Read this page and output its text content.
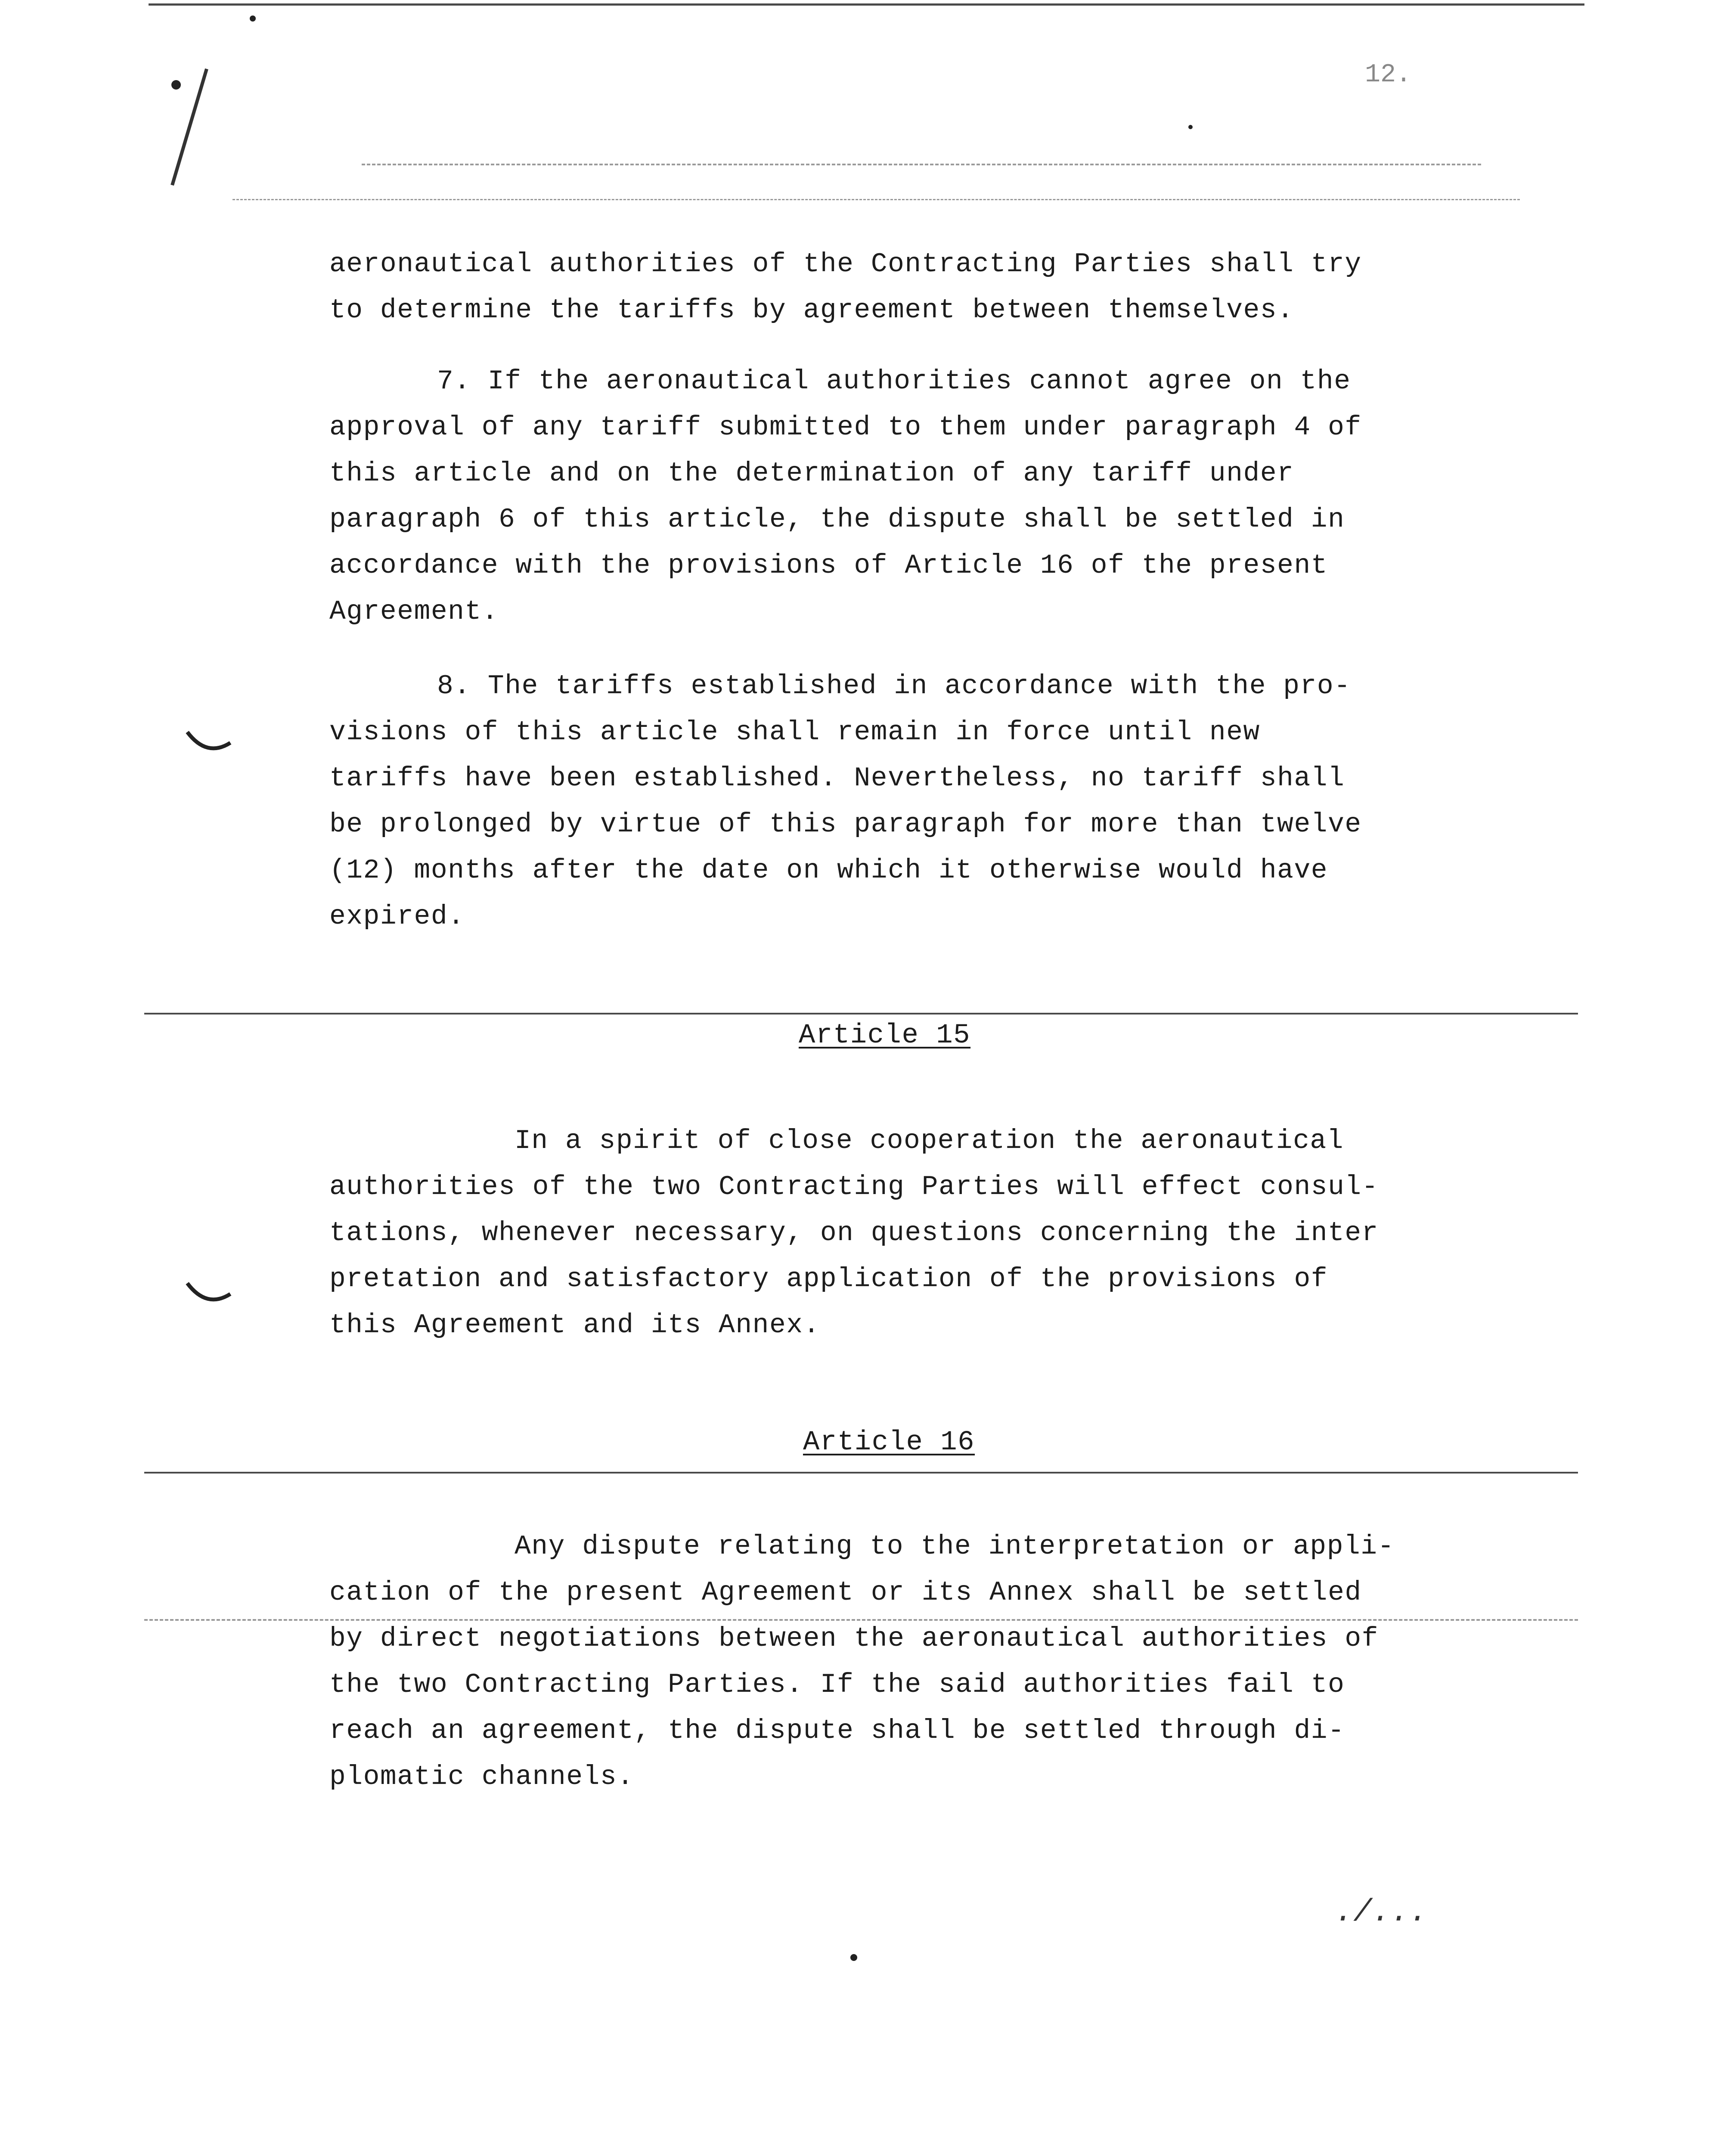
12.
aeronautical authorities of the Contracting Parties shall try
to determine the tariffs by agreement between themselves.
7. If the aeronautical authorities cannot agree on the
approval of any tariff submitted to them under paragraph 4 of
this article and on the determination of any tariff under
paragraph 6 of this article, the dispute shall be settled in
accordance with the provisions of Article 16 of the present
Agreement.
8. The tariffs established in accordance with the pro-
visions of this article shall remain in force until new
tariffs have been established. Nevertheless, no tariff shall
be prolonged by virtue of this paragraph for more than twelve
(12) months after the date on which it otherwise would have
expired.
Article 15
In a spirit of close cooperation the aeronautical
authorities of the two Contracting Parties will effect consul-
tations, whenever necessary, on questions concerning the inter
pretation and satisfactory application of the provisions of
this Agreement and its Annex.
Article 16
Any dispute relating to the interpretation or appli-
cation of the present Agreement or its Annex shall be settled
by direct negotiations between the aeronautical authorities of
the two Contracting Parties. If the said authorities fail to
reach an agreement, the dispute shall be settled through di-
plomatic channels.
./...
